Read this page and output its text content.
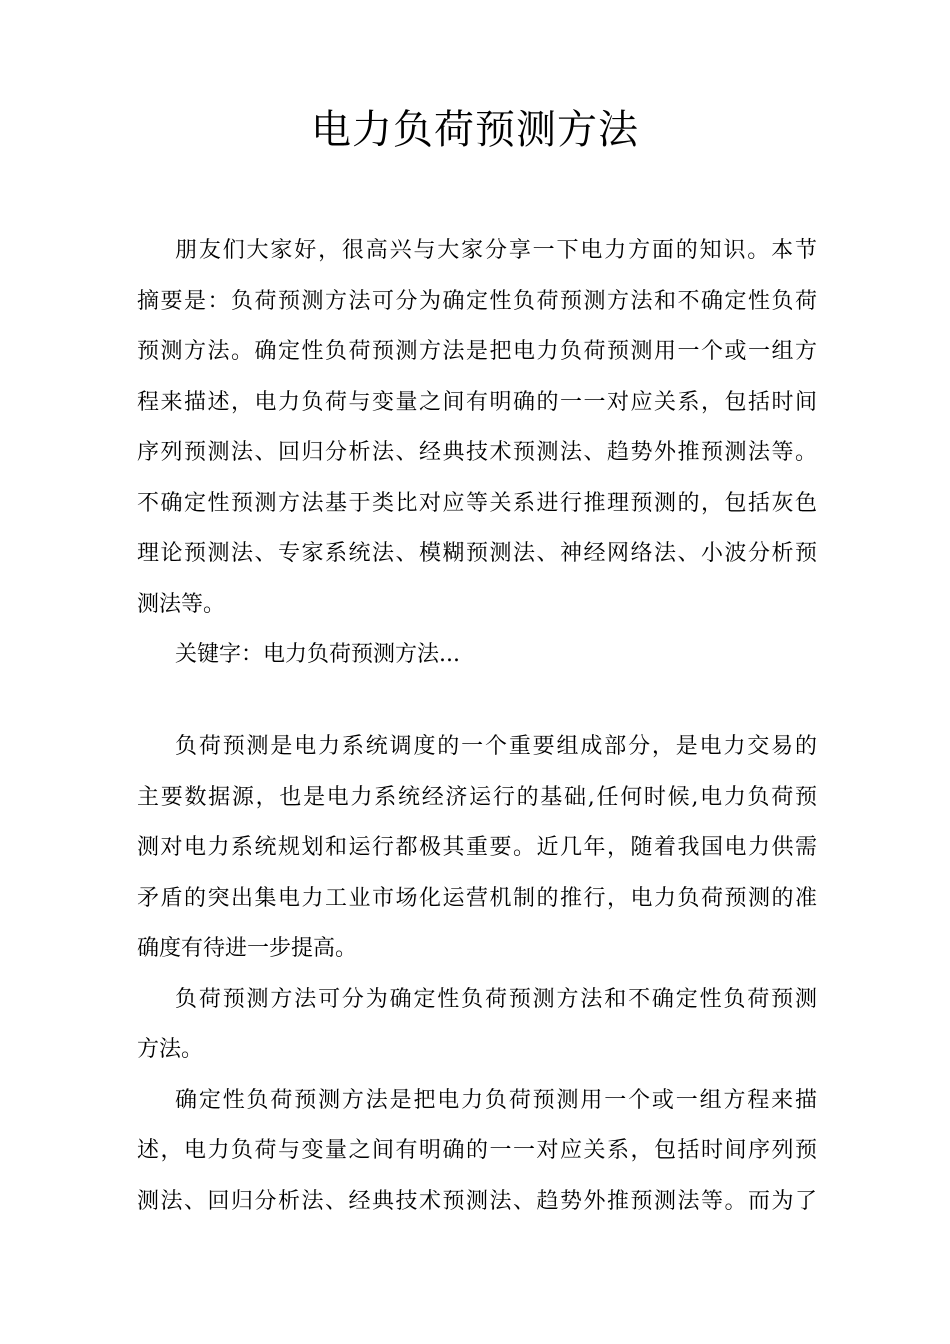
电力负荷预测方法
朋友们大家好，很高兴与大家分享一下电力方面的知识。本节
摘要是：负荷预测方法可分为确定性负荷预测方法和不确定性负荷
预测方法。确定性负荷预测方法是把电力负荷预测用一个或一组方
程来描述，电力负荷与变量之间有明确的一一对应关系，包括时间
序列预测法、回归分析法、经典技术预测法、趋势外推预测法等。
不确定性预测方法基于类比对应等关系进行推理预测的，包括灰色
理论预测法、专家系统法、模糊预测法、神经网络法、小波分析预
测法等。
关键字：电力负荷预测方法...
负荷预测是电力系统调度的一个重要组成部分，是电力交易的
主要数据源，也是电力系统经济运行的基础,任何时候,电力负荷预
测对电力系统规划和运行都极其重要。近几年，随着我国电力供需
矛盾的突出集电力工业市场化运营机制的推行，电力负荷预测的准
确度有待进一步提高。
负荷预测方法可分为确定性负荷预测方法和不确定性负荷预测
方法。
确定性负荷预测方法是把电力负荷预测用一个或一组方程来描
述，电力负荷与变量之间有明确的一一对应关系，包括时间序列预
测法、回归分析法、经典技术预测法、趋势外推预测法等。而为了
